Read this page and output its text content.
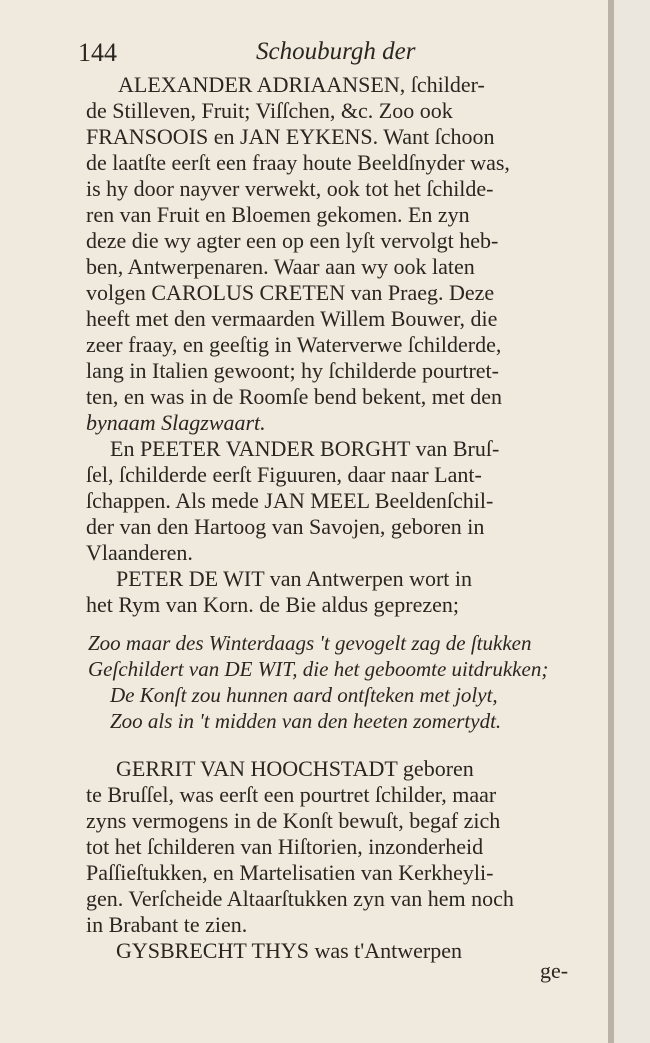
144	Schouburgh der
ALEXANDER ADRIAANSEN, ſchilder-
de Stilleven, Fruit; Viſſchen, &c. Zoo ook
FRANSOOIS en JAN EYKENS. Want ſchoon
de laatſte eerſt een fraay houte Beeldſnyder was,
is hy door nayver verwekt, ook tot het ſchilde-
ren van Fruit en Bloemen gekomen. En zyn
deze die wy agter een op een lyſt vervolgt heb-
ben, Antwerpenaren. Waar aan wy ook laten
volgen CAROLUS CRETEN van Praeg. Deze
heeft met den vermaarden Willem Bouwer, die
zeer fraay, en geeſtig in Waterverwe ſchilderde,
lang in Italien gewoont; hy ſchilderde pourtret-
ten, en was in de Roomſe bend bekent, met den
bynaam Slagzwaart.
En PEETER VANDER BORGHT van Bruſ-
ſel, ſchilderde eerſt Figuuren, daar naar Lant-
ſchappen. Als mede JAN MEEL Beeldenſchil-
der van den Hartoog van Savojen, geboren in
Vlaanderen.
PETER DE WIT van Antwerpen wort in
het Rym van Korn. de Bie aldus geprezen;
Zoo maar des Winterdaags 't gevogelt zag de ſtukken
Geſchildert van DE WIT, die het geboomte uitdrukken;
De Konſt zou hunnen aard ontſteken met jolyt,
Zoo als in 't midden van den heeten zomertydt.
GERRIT VAN HOOCHSTADT geboren
te Bruſſel, was eerſt een pourtret ſchilder, maar
zyns vermogens in de Konſt bewuſt, begaf zich
tot het ſchilderen van Hiſtorien, inzonderheid
Paſſieſtukken, en Martelisatien van Kerkheyli-
gen. Verſcheide Altaarſtukken zyn van hem noch
in Brabant te zien.
GYSBRECHT THYS was t'Antwerpen
ge-
